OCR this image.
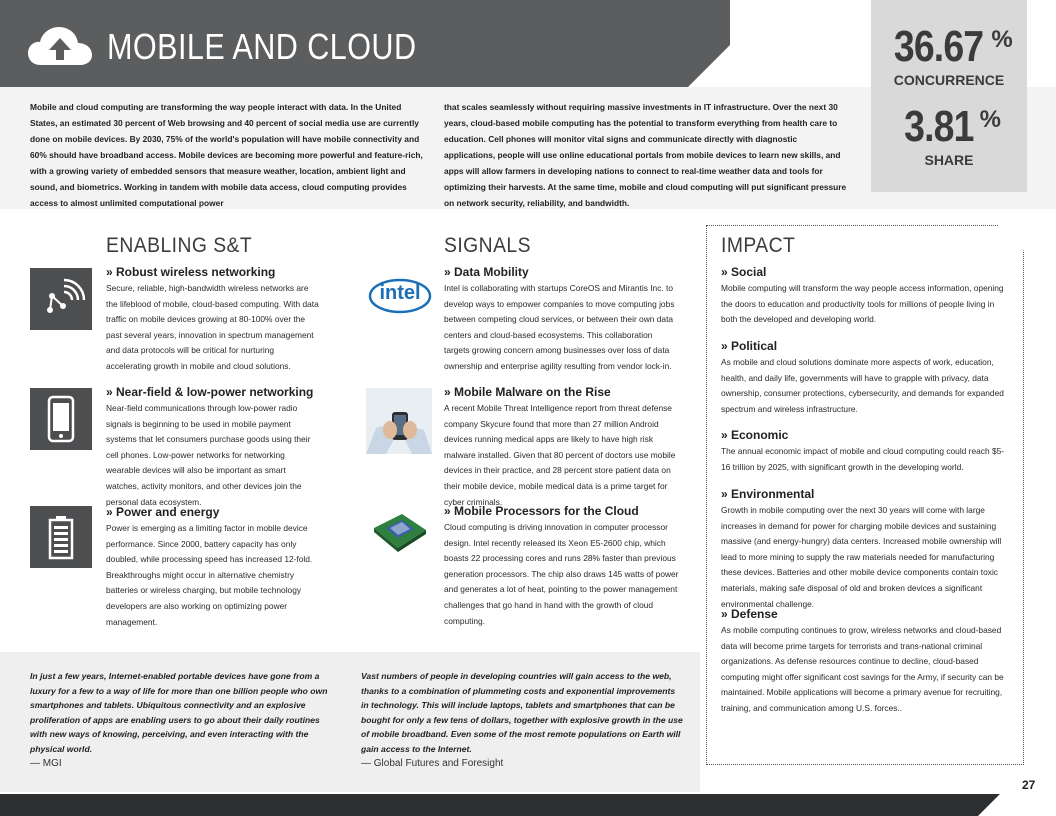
MOBILE AND CLOUD	36.67 %
CONCURRENCE
3.81 %
SHARE
Mobile and cloud computing are transforming the way people interact with data. In the United States, an estimated 30 percent of Web browsing and 40 percent of social media use are currently done on mobile devices. By 2030, 75% of the world's population will have mobile connectivity and 60% should have broadband access. Mobile devices are becoming more powerful and feature-rich, with a growing variety of embedded sensors that measure weather, location, ambient light and sound, and biometrics. Working in tandem with mobile data access, cloud computing provides access to almost unlimited computational power
that scales seamlessly without requiring massive investments in IT infrastructure. Over the next 30 years, cloud-based mobile computing has the potential to transform everything from health care to education. Cell phones will monitor vital signs and communicate directly with diagnostic applications, people will use online educational portals from mobile devices to learn new skills, and apps will allow farmers in developing nations to connect to real-time weather data and tools for optimizing their harvests. At the same time, mobile and cloud computing will put significant pressure on network security, reliability, and bandwidth.
ENABLING S&T
» Robust wireless networking
Secure, reliable, high-bandwidth wireless networks are the lifeblood of mobile, cloud-based computing. With data traffic on mobile devices growing at 80-100% over the past several years, innovation in spectrum management and data protocols will be critical for nurturing accelerating growth in mobile and cloud solutions.
» Near-field & low-power networking
Near-field communications through low-power radio signals is beginning to be used in mobile payment systems that let consumers purchase goods using their cell phones. Low-power networks for networking wearable devices will also be important as smart watches, activity monitors, and other devices join the personal data ecosystem.
» Power and energy
Power is emerging as a limiting factor in mobile device performance. Since 2000, battery capacity has only doubled, while processing speed has increased 12-fold. Breakthroughs might occur in alternative chemistry batteries or wireless charging, but mobile technology developers are also working on optimizing power management.
SIGNALS
intel
» Data Mobility
Intel is collaborating with startups CoreOS and Mirantis Inc. to develop ways to empower companies to move computing jobs between competing cloud services, or between their own data centers and cloud-based ecosystems. This collaboration targets growing concern among businesses over loss of data ownership and enterprise agility resulting from vendor lock-in.
» Mobile Malware on the Rise
A recent Mobile Threat Intelligence report from threat defense company Skycure found that more than 27 million Android devices running medical apps are likely to have high risk malware installed. Given that 80 percent of doctors use mobile devices in their practice, and 28 percent store patient data on their mobile device, mobile medical data is a prime target for cyber criminals.
» Mobile Processors for the Cloud
Cloud computing is driving innovation in computer processor design. Intel recently released its Xeon E5-2600 chip, which boasts 22 processing cores and runs 28% faster than previous generation processors. The chip also draws 145 watts of power and generates a lot of heat, pointing to the power management challenges that go hand in hand with the growth of cloud computing.
IMPACT
» Social
Mobile computing will transform the way people access information, opening the doors to education and productivity tools for millions of people living in both the developed and developing world.
» Political
As mobile and cloud solutions dominate more aspects of work, education, health, and daily life, governments will have to grapple with privacy, data ownership, consumer protections, cybersecurity, and demands for expanded spectrum and wireless infrastructure.
» Economic
The annual economic impact of mobile and cloud computing could reach $5-16 trillion by 2025, with significant growth in the developing world.
» Environmental
Growth in mobile computing over the next 30 years will come with large increases in demand for power for charging mobile devices and sustaining massive (and energy-hungry) data centers. Increased mobile ownership will lead to more mining to supply the raw materials needed for manufacturing these devices. Batteries and other mobile device components contain toxic materials, making safe disposal of old and broken devices a significant environmental challenge.
» Defense
As mobile computing continues to grow, wireless networks and cloud-based data will become prime targets for terrorists and trans-national criminal organizations. As defense resources continue to decline, cloud-based computing might offer significant cost savings for the Army, if security can be maintained. Mobile applications will become a primary avenue for recruiting, training, and communication among U.S. forces..
In just a few years, Internet-enabled portable devices have gone from a luxury for a few to a way of life for more than one billion people who own smartphones and tablets. Ubiquitous connectivity and an explosive proliferation of apps are enabling users to go about their daily routines with new ways of knowing, perceiving, and even interacting with the physical world.
— MGI
Vast numbers of people in developing countries will gain access to the web, thanks to a combination of plummeting costs and exponential improvements in technology. This will include laptops, tablets and smartphones that can be bought for only a few tens of dollars, together with explosive growth in the use of mobile broadband. Even some of the most remote populations on Earth will gain access to the Internet.
— Global Futures and Foresight
27
